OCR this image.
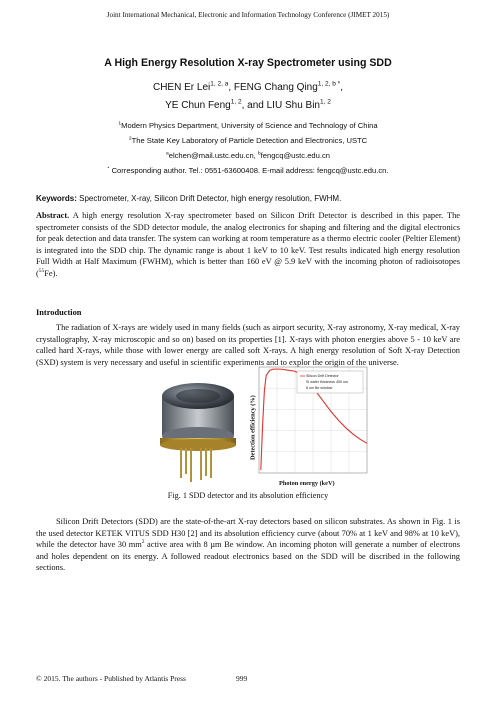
Joint International Mechanical, Electronic and Information Technology Conference (JIMET 2015)
A High Energy Resolution X-ray Spectrometer using SDD
CHEN Er Lei$^{1, 2, a}$, FENG Chang Qing$^{1, 2, b *}$,
YE Chun Feng$^{1, 2}$, and LIU Shu Bin$^{1, 2}$
$^1$Modern Physics Department, University of Science and Technology of China
$^2$The State Key Laboratory of Particle Detection and Electronics, USTC
$^a$elchen@mail.ustc.edu.cn, $^b$fengcq@ustc.edu.cn
* Corresponding author. Tel.: 0551-63600408. E-mail address: fengcq@ustc.edu.cn.
Keywords: Spectrometer, X-ray, Silicon Drift Detector, high energy resolution, FWHM.
Abstract. A high energy resolution X-ray spectrometer based on Silicon Drift Detector is described in this paper. The spectrometer consists of the SDD detector module, the analog electronics for shaping and filtering and the digital electronics for peak detection and data transfer. The system can working at room temperature as a thermo electric cooler (Peltier Element) is integrated into the SDD chip. The dynamic range is about 1 keV to 10 keV. Test results indicated high energy resolution Full Width at Half Maximum (FWHM), which is better than 160 eV @ 5.9 keV with the incoming photon of radioisotopes ($^{55}$Fe).
Introduction
The radiation of X-rays are widely used in many fields (such as airport security, X-ray astronomy, X-ray medical, X-ray crystallography, X-ray microscopic and so on) based on its properties [1]. X-rays with photon energies above 5 - 10 keV are called hard X-rays, while those with lower energy are called soft X-rays. A high energy resolution of Soft X-ray Detection (SXD) system is very necessary and useful in scientific experiments and to explor the origin of the universe.
Silicon Drift Detector
Si wafer thickness 450 um
8 um Be window
Detection efficiency (%)
Photon energy (keV)
Fig. 1 SDD detector and its absolution efficiency
Silicon Drift Detectors (SDD) are the state-of-the-art X-ray detectors based on silicon substrates. As shown in Fig. 1 is the used detector KETEK VITUS SDD H30 [2] and its absolution efficiency curve (about 70% at 1 keV and 98% at 10 keV), while the detector have 30 $mm^2$ active area with 8 µm Be window. An incoming photon will generate a number of electrons and holes dependent on its energy. A followed readout electronics based on the SDD will be discribed in the following sections.
© 2015. The authors - Published by Atlantis Press	999
